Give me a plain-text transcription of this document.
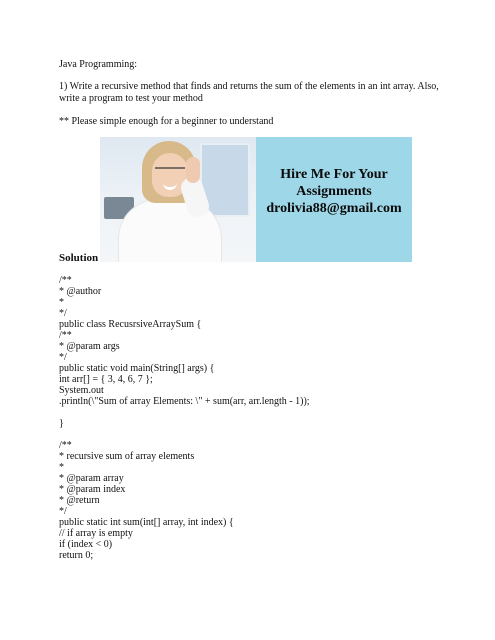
Java Programming:
1) Write a recursive method that finds and returns the sum of the elements in an int array. Also, write a program to test your method
** Please simple enough for a beginner to understand
Hire Me For Your
Assignments
drolivia88@gmail.com
Solution
/**
* @author
*
*/
public class RecusrsiveArraySum {
/**
* @param args
*/
public static void main(String[] args) {
int arr[] = { 3, 4, 6, 7 };
System.out
.println(\"Sum of array Elements: \" + sum(arr, arr.length - 1));
}
/**
* recursive sum of array elements
*
* @param array
* @param index
* @return
*/
public static int sum(int[] array, int index) {
// if array is empty
if (index < 0)
return 0;
